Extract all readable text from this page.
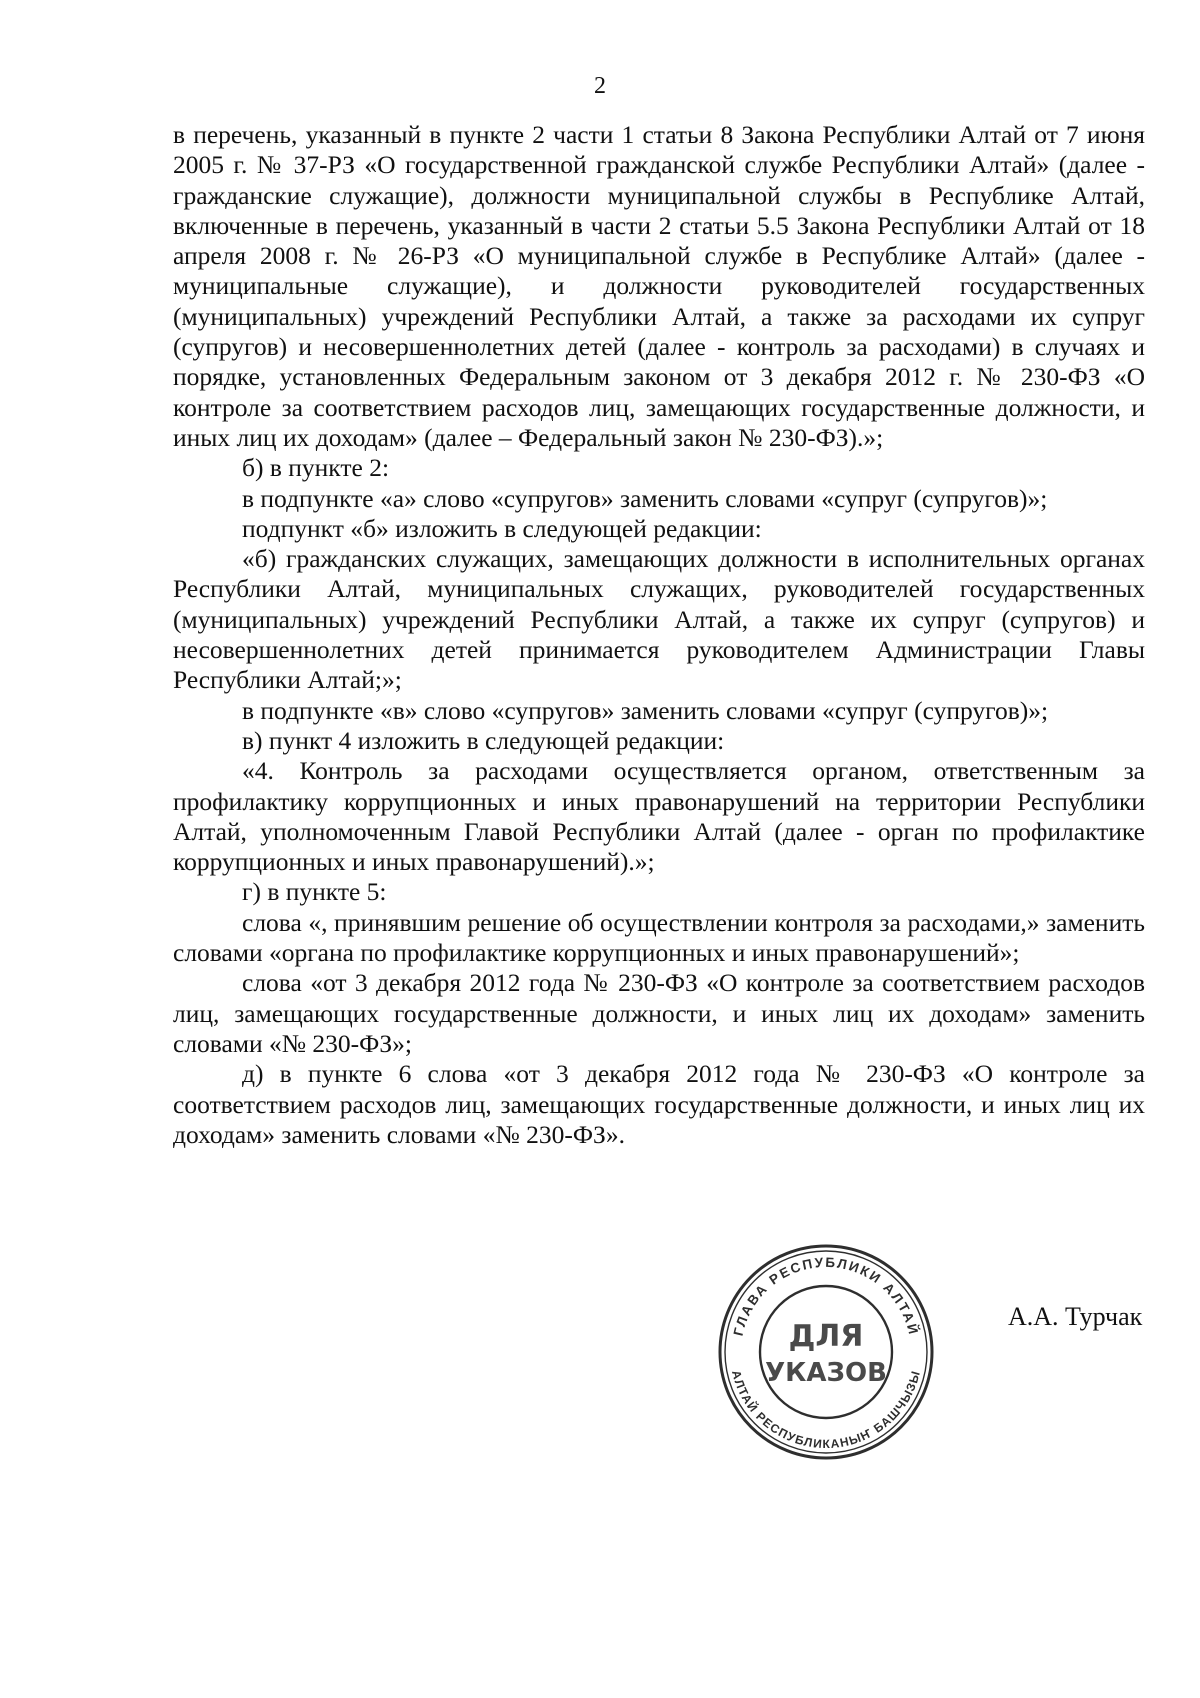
2

в перечень, указанный в пункте 2 части 1 статьи 8 Закона Республики Алтай от 7 июня 2005 г. № 37-РЗ «О государственной гражданской службе Республики Алтай» (далее - гражданские служащие), должности муниципальной службы в Республике Алтай, включенные в перечень, указанный в части 2 статьи 5.5 Закона Республики Алтай от 18 апреля 2008 г. № 26-РЗ «О муниципальной службе в Республике Алтай» (далее - муниципальные служащие), и должности руководителей государственных (муниципальных) учреждений Республики Алтай, а также за расходами их супруг (супругов) и несовершеннолетних детей (далее - контроль за расходами) в случаях и порядке, установленных Федеральным законом от 3 декабря 2012 г. № 230-ФЗ «О контроле за соответствием расходов лиц, замещающих государственные должности, и иных лиц их доходам» (далее – Федеральный закон № 230-ФЗ).»;

б) в пункте 2:

в подпункте «а» слово «супругов» заменить словами «супруг (супругов)»;

подпункт «б» изложить в следующей редакции:

«б) гражданских служащих, замещающих должности в исполнительных органах Республики Алтай, муниципальных служащих, руководителей государственных (муниципальных) учреждений Республики Алтай, а также их супруг (супругов) и несовершеннолетних детей принимается руководителем Администрации Главы Республики Алтай;»;

в подпункте «в» слово «супругов» заменить словами «супруг (супругов)»;

в) пункт 4 изложить в следующей редакции:

«4. Контроль за расходами осуществляется органом, ответственным за профилактику коррупционных и иных правонарушений на территории Республики Алтай, уполномоченным Главой Республики Алтай (далее - орган по профилактике коррупционных и иных правонарушений).»;

г) в пункте 5:

слова «, принявшим решение об осуществлении контроля за расходами,» заменить словами «органа по профилактике коррупционных и иных правонарушений»;

слова «от 3 декабря 2012 года № 230-ФЗ «О контроле за соответствием расходов лиц, замещающих государственные должности, и иных лиц их доходам» заменить словами «№ 230-ФЗ»;

д) в пункте 6 слова «от 3 декабря 2012 года № 230-ФЗ «О контроле за соответствием расходов лиц, замещающих государственные должности, и иных лиц их доходам» заменить словами «№ 230-ФЗ».

ГЛАВА РЕСПУБЛИКИ АЛТАЙ
АЛТАЙ РЕСПУБЛИКАНЫҤ БАШЧЫЗЫ
ДЛЯ
УКАЗОВ
А.А. Турчак
